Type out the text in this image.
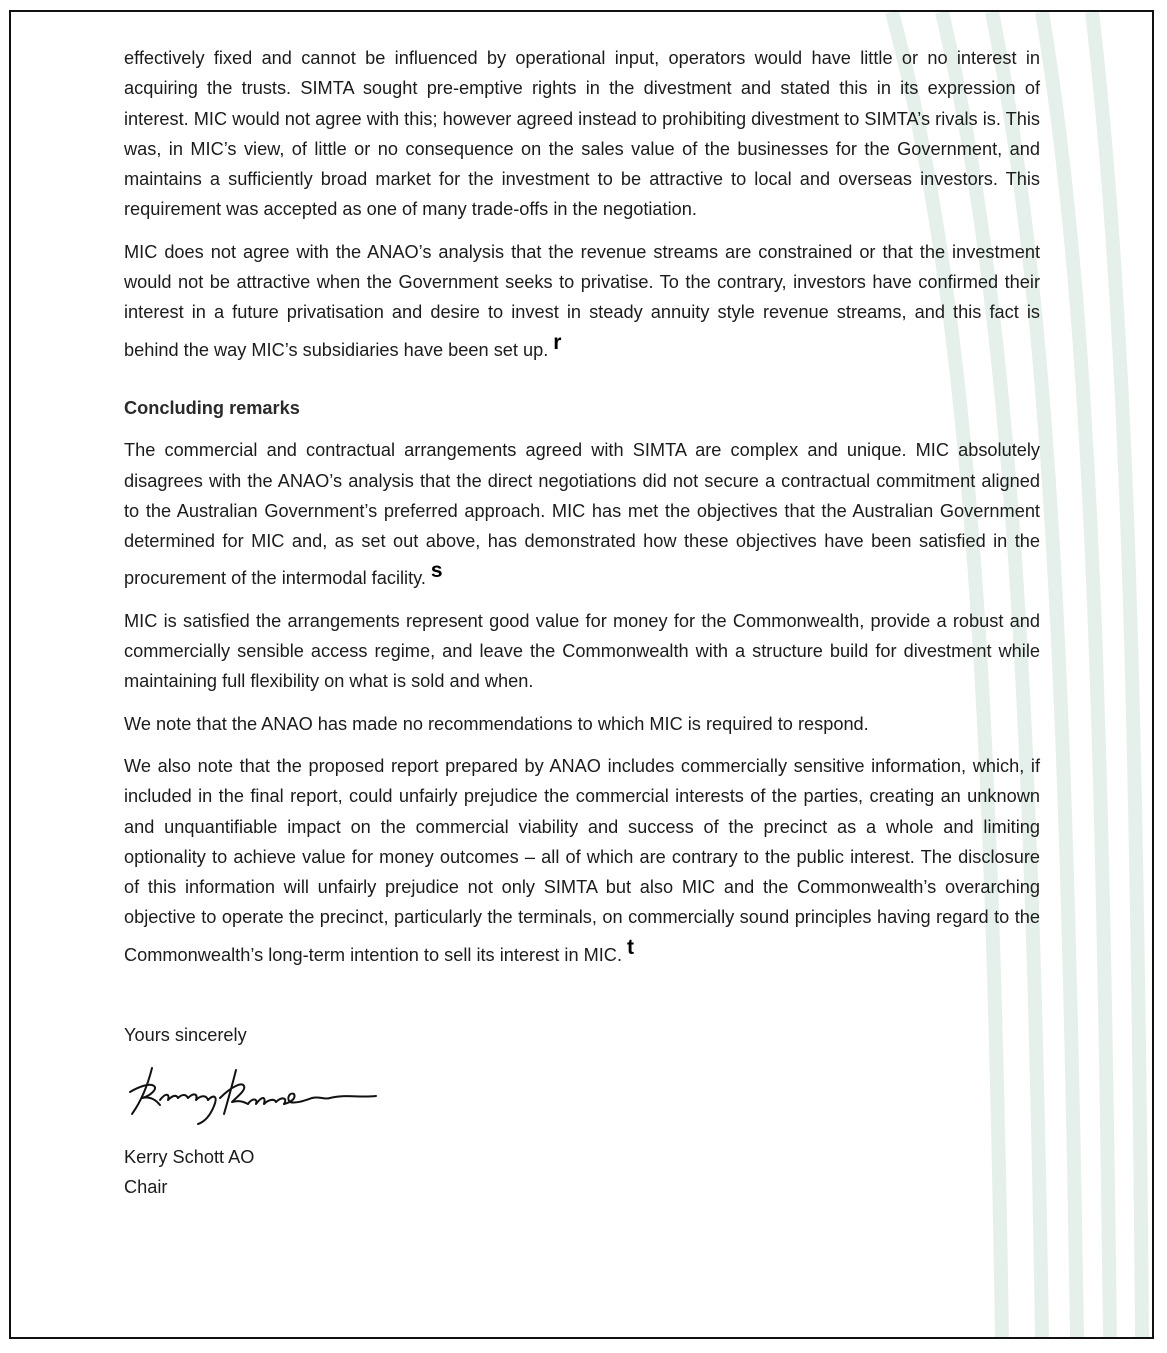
effectively fixed and cannot be influenced by operational input, operators would have little or no interest in acquiring the trusts. SIMTA sought pre-emptive rights in the divestment and stated this in its expression of interest. MIC would not agree with this; however agreed instead to prohibiting divestment to SIMTA’s rivals is. This was, in MIC’s view, of little or no consequence on the sales value of the businesses for the Government, and maintains a sufficiently broad market for the investment to be attractive to local and overseas investors. This requirement was accepted as one of many trade-offs in the negotiation.

MIC does not agree with the ANAO’s analysis that the revenue streams are constrained or that the investment would not be attractive when the Government seeks to privatise. To the contrary, investors have confirmed their interest in a future privatisation and desire to invest in steady annuity style revenue streams, and this fact is behind the way MIC’s subsidiaries have been set up. r

Concluding remarks

The commercial and contractual arrangements agreed with SIMTA are complex and unique. MIC absolutely disagrees with the ANAO’s analysis that the direct negotiations did not secure a contractual commitment aligned to the Australian Government’s preferred approach. MIC has met the objectives that the Australian Government determined for MIC and, as set out above, has demonstrated how these objectives have been satisfied in the procurement of the intermodal facility. s

MIC is satisfied the arrangements represent good value for money for the Commonwealth, provide a robust and commercially sensible access regime, and leave the Commonwealth with a structure build for divestment while maintaining full flexibility on what is sold and when.

We note that the ANAO has made no recommendations to which MIC is required to respond.

We also note that the proposed report prepared by ANAO includes commercially sensitive information, which, if included in the final report, could unfairly prejudice the commercial interests of the parties, creating an unknown and unquantifiable impact on the commercial viability and success of the precinct as a whole and limiting optionality to achieve value for money outcomes – all of which are contrary to the public interest. The disclosure of this information will unfairly prejudice not only SIMTA but also MIC and the Commonwealth’s overarching objective to operate the precinct, particularly the terminals, on commercially sound principles having regard to the Commonwealth’s long-term intention to sell its interest in MIC. t

Yours sincerely
Kerry Schott AO
Chair
